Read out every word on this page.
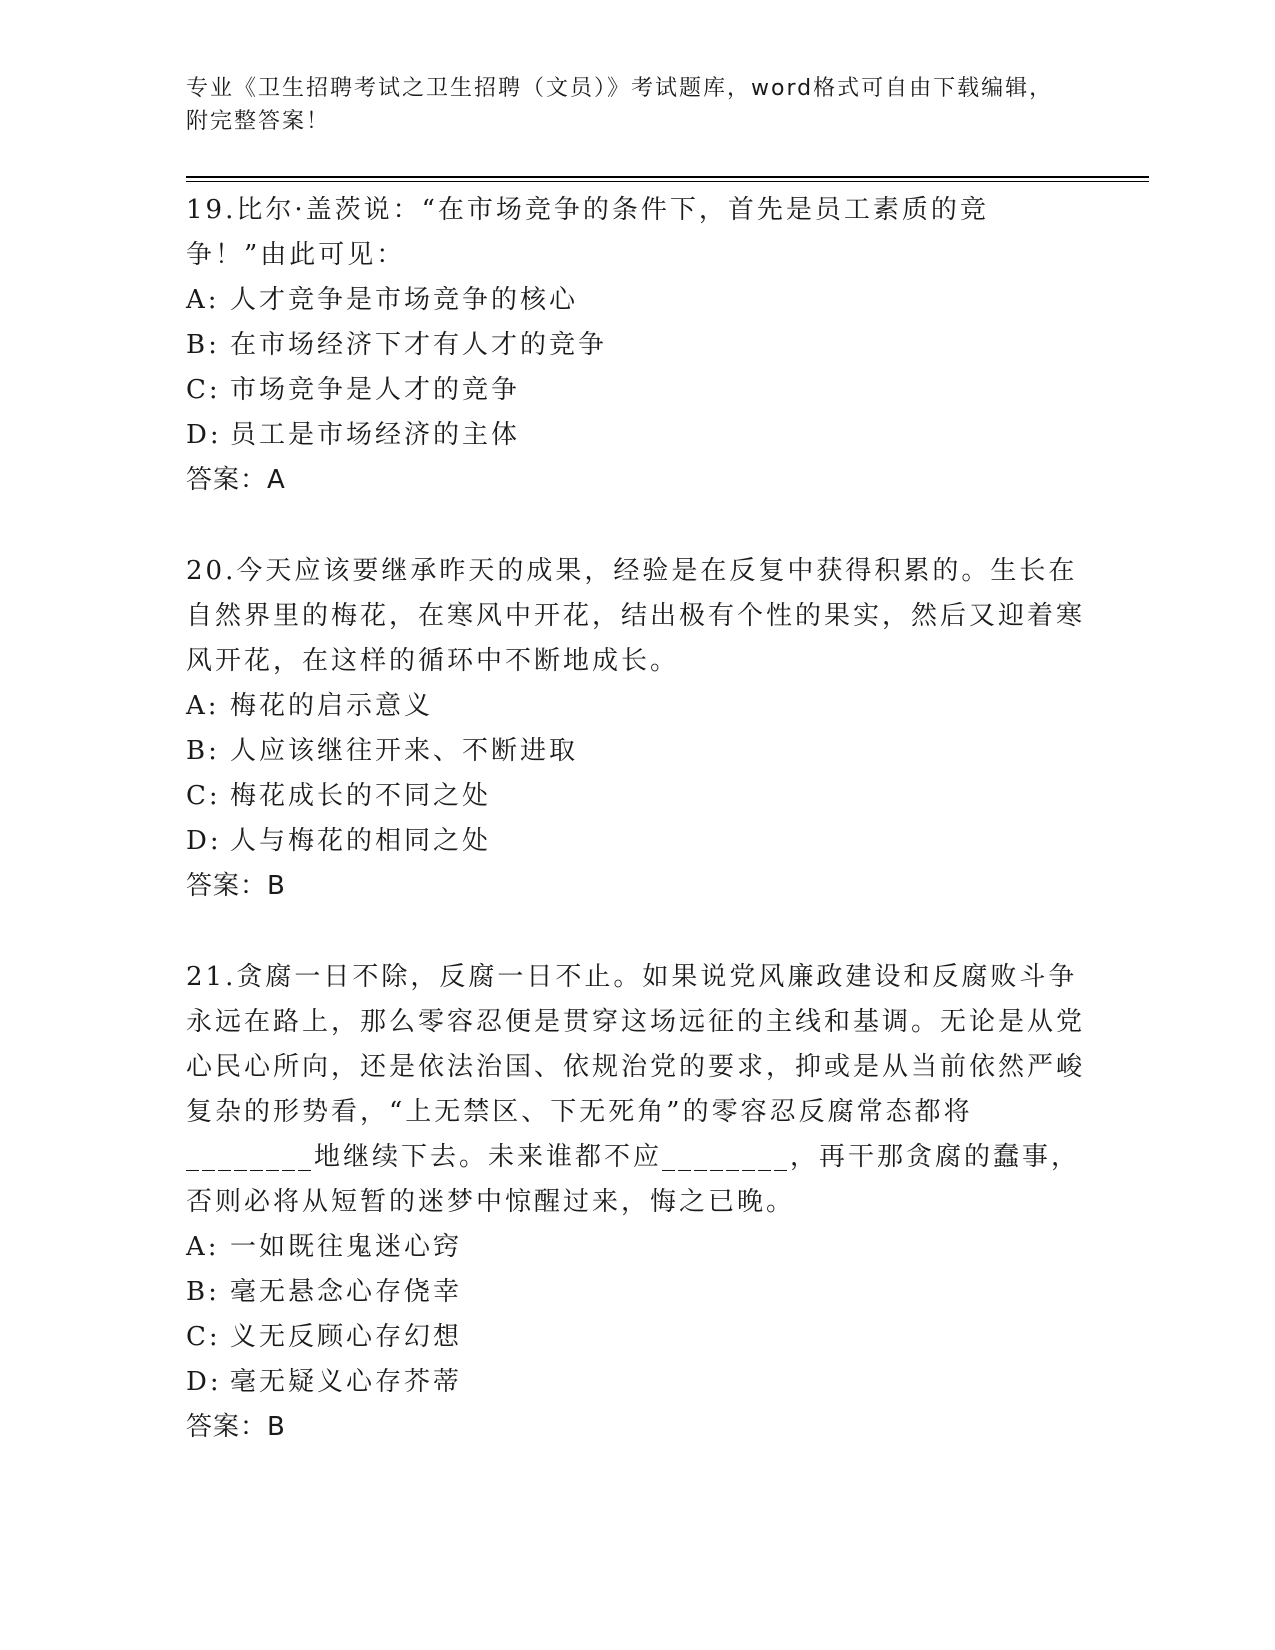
专业《卫生招聘考试之卫生招聘（文员）》考试题库，word格式可自由下载编辑，附完整答案！

19.比尔·盖茨说：“在市场竞争的条件下，首先是员工素质的竞争！”由此可见：

A: 人才竞争是市场竞争的核心
B: 在市场经济下才有人才的竞争
C: 市场竞争是人才的竞争
D: 员工是市场经济的主体
答案：A

20.今天应该要继承昨天的成果，经验是在反复中获得积累的。生长在自然界里的梅花，在寒风中开花，结出极有个性的果实，然后又迎着寒风开花，在这样的循环中不断地成长。

A: 梅花的启示意义
B: 人应该继往开来、不断进取
C: 梅花成长的不同之处
D: 人与梅花的相同之处
答案：B

21.贪腐一日不除，反腐一日不止。如果说党风廉政建设和反腐败斗争永远在路上，那么零容忍便是贯穿这场远征的主线和基调。无论是从党心民心所向，还是依法治国、依规治党的要求，抑或是从当前依然严峻复杂的形势看，“上无禁区、下无死角”的零容忍反腐常态都将________地继续下去。未来谁都不应________，再干那贪腐的蠢事，否则必将从短暂的迷梦中惊醒过来，悔之已晚。

A: 一如既往鬼迷心窍
B: 毫无悬念心存侥幸
C: 义无反顾心存幻想
D: 毫无疑义心存芥蒂
答案：B
